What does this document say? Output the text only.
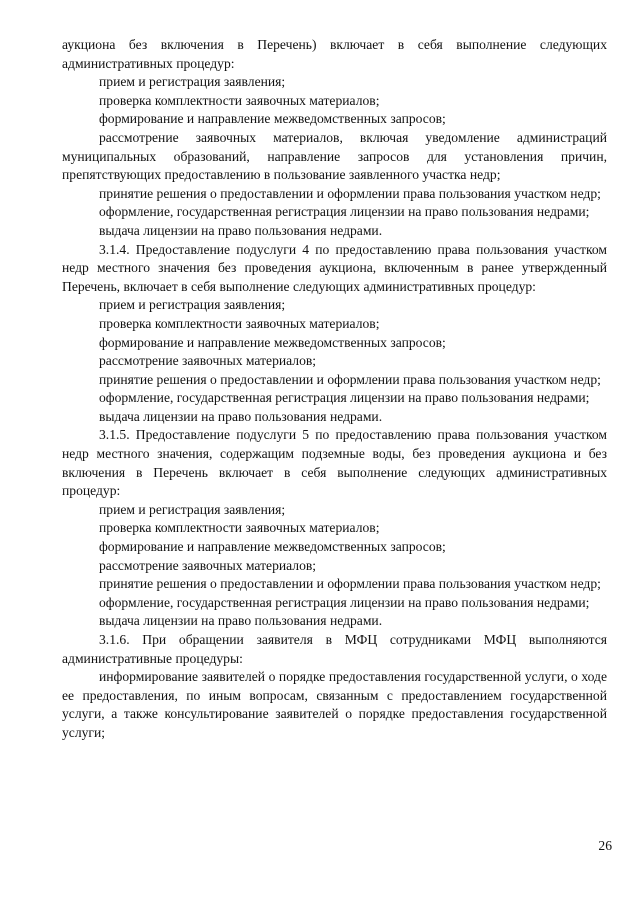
аукциона без включения в Перечень) включает в себя выполнение следующих административных процедур:

прием и регистрация заявления;

проверка комплектности заявочных материалов;

формирование и направление межведомственных запросов;

рассмотрение заявочных материалов, включая уведомление администраций муниципальных образований, направление запросов для установления причин, препятствующих предоставлению в пользование заявленного участка недр;

принятие решения о предоставлении и оформлении права пользования участком недр;

оформление, государственная регистрация лицензии на право пользования недрами;

выдача лицензии на право пользования недрами.

3.1.4. Предоставление подуслуги 4 по предоставлению права пользования участком недр местного значения без проведения аукциона, включенным в ранее утвержденный Перечень, включает в себя выполнение следующих административных процедур:

прием и регистрация заявления;

проверка комплектности заявочных материалов;

формирование и направление межведомственных запросов;

рассмотрение заявочных материалов;

принятие решения о предоставлении и оформлении права пользования участком недр;

оформление, государственная регистрация лицензии на право пользования недрами;

выдача лицензии на право пользования недрами.

3.1.5. Предоставление подуслуги 5 по предоставлению права пользования участком недр местного значения, содержащим подземные воды, без проведения аукциона и без включения в Перечень включает в себя выполнение следующих административных процедур:

прием и регистрация заявления;

проверка комплектности заявочных материалов;

формирование и направление межведомственных запросов;

рассмотрение заявочных материалов;

принятие решения о предоставлении и оформлении права пользования участком недр;

оформление, государственная регистрация лицензии на право пользования недрами;

выдача лицензии на право пользования недрами.

3.1.6. При обращении заявителя в МФЦ сотрудниками МФЦ выполняются административные процедуры:

информирование заявителей о порядке предоставления государственной услуги, о ходе ее предоставления, по иным вопросам, связанным с предоставлением государственной услуги, а также консультирование заявителей о порядке предоставления государственной услуги;

26
